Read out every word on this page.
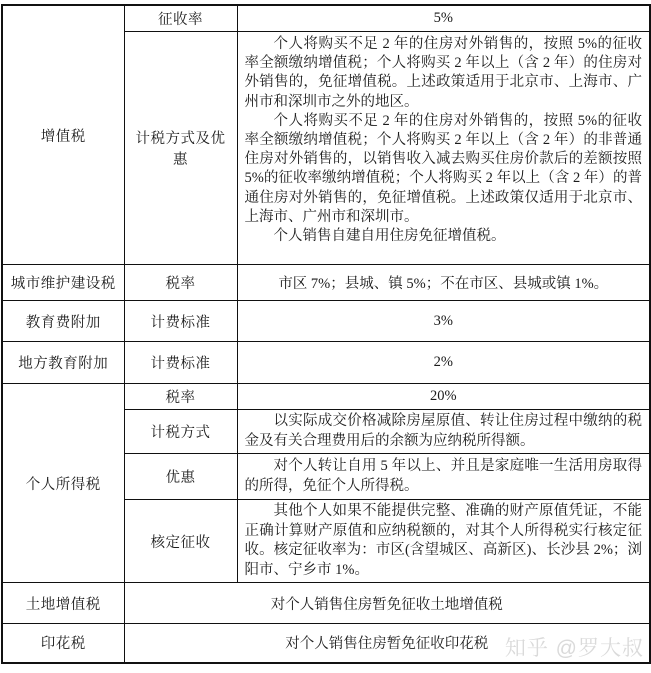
增值税	征收率	5%
	计税方式及优惠	个人将购买不足 2 年的住房对外销售的，按照 5%的征收率全额缴纳增值税；个人将购买 2 年以上（含 2 年）的住房对外销售的，免征增值税。上述政策适用于北京市、上海市、广州市和深圳市之外的地区。

个人将购买不足 2 年的住房对外销售的，按照 5%的征收率全额缴纳增值税；个人将购买 2 年以上（含 2 年）的非普通住房对外销售的，以销售收入减去购买住房价款后的差额按照 5%的征收率缴纳增值税；个人将购买 2 年以上（含 2 年）的普通住房对外销售的，免征增值税。上述政策仅适用于北京市、上海市、广州市和深圳市。

个人销售自建自用住房免征增值税。

城市维护建设税	税率	市区 7%；县城、镇 5%；不在市区、县城或镇 1%。
教育费附加	计费标准	3%
地方教育附加	计费标准	2%
个人所得税	税率	20%
	计税方式	以实际成交价格减除房屋原值、转让住房过程中缴纳的税金及有关合理费用后的余额为应纳税所得额。

	优惠	对个人转让自用 5 年以上、并且是家庭唯一生活用房取得的所得，免征个人所得税。

	核定征收	其他个人如果不能提供完整、准确的财产原值凭证，不能正确计算财产原值和应纳税额的，对其个人所得税实行核定征收。核定征收率为：市区(含望城区、高新区)、长沙县 2%；浏阳市、宁乡市 1%。

土地增值税	对个人销售住房暂免征收土地增值税	
印花税	对个人销售住房暂免征收印花税	知乎 @罗大叔
